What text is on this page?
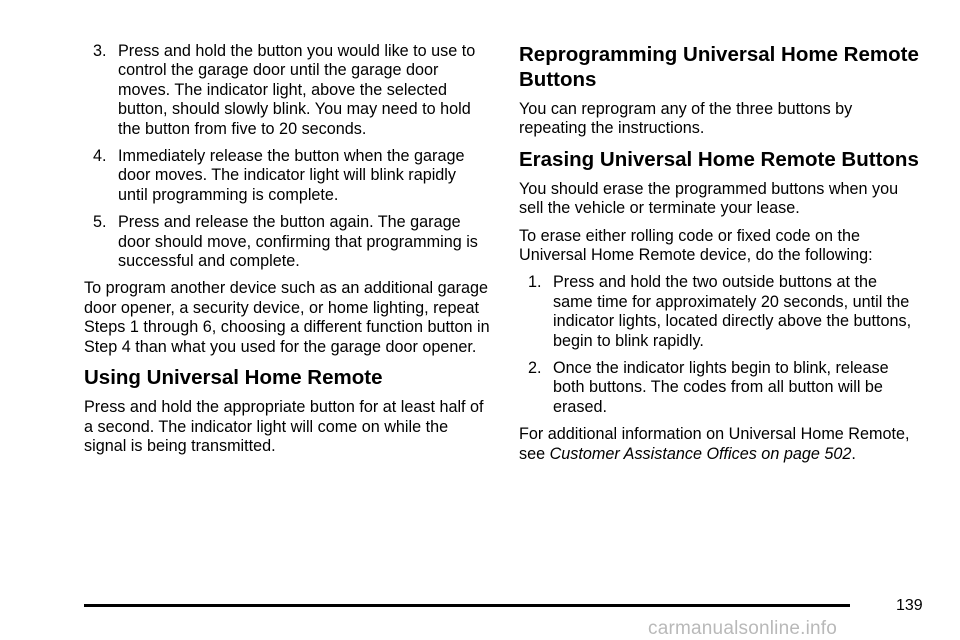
3. Press and hold the button you would like to use to control the garage door until the garage door moves. The indicator light, above the selected button, should slowly blink. You may need to hold the button from five to 20 seconds.
4. Immediately release the button when the garage door moves. The indicator light will blink rapidly until programming is complete.
5. Press and release the button again. The garage door should move, confirming that programming is successful and complete.

To program another device such as an additional garage door opener, a security device, or home lighting, repeat Steps 1 through 6, choosing a different function button in Step 4 than what you used for the garage door opener.

Using Universal Home Remote

Press and hold the appropriate button for at least half of a second. The indicator light will come on while the signal is being transmitted.

Reprogramming Universal Home Remote Buttons

You can reprogram any of the three buttons by repeating the instructions.

Erasing Universal Home Remote Buttons

You should erase the programmed buttons when you sell the vehicle or terminate your lease.

To erase either rolling code or fixed code on the Universal Home Remote device, do the following:

1. Press and hold the two outside buttons at the same time for approximately 20 seconds, until the indicator lights, located directly above the buttons, begin to blink rapidly.
2. Once the indicator lights begin to blink, release both buttons. The codes from all button will be erased.

For additional information on Universal Home Remote, see Customer Assistance Offices on page 502.

139
carmanualsonline.info
